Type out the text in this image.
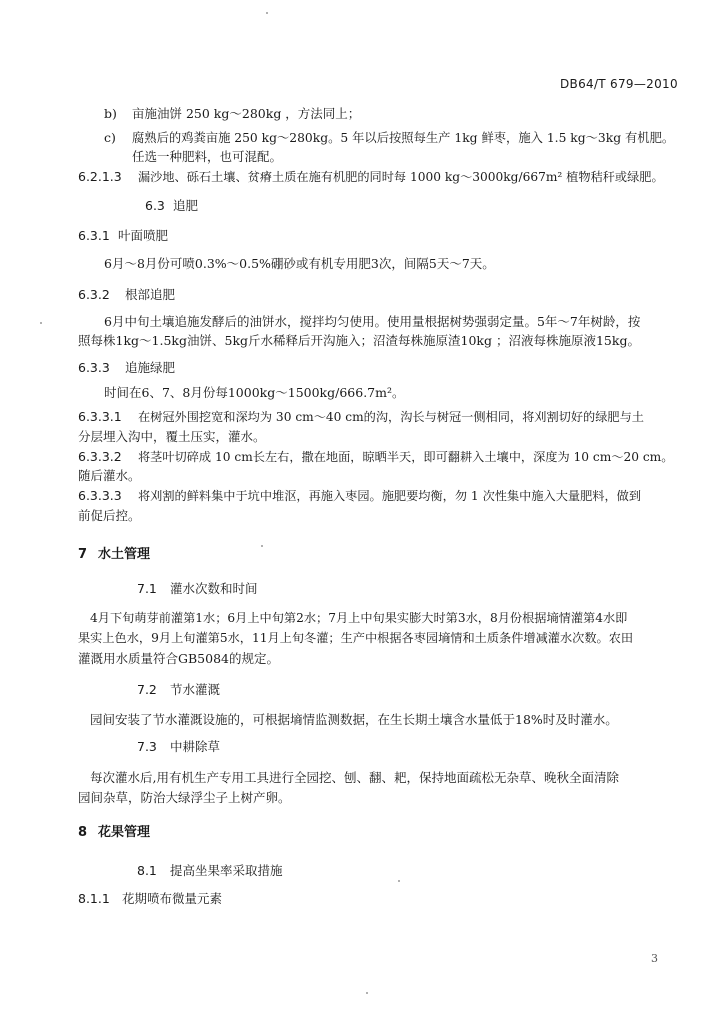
DB64/T 679—2010
b) 亩施油饼 250 kg～280kg ，方法同上；
c) 腐熟后的鸡粪亩施 250 kg～280kg。5 年以后按照每生产 1kg 鲜枣，施入 1.5 kg～3kg 有机肥。
任选一种肥料，也可混配。
6.2.1.3 漏沙地、砾石土壤、贫瘠土质在施有机肥的同时每 1000 kg～3000kg/667m² 植物秸秆或绿肥。
6.3 追肥
6.3.1 叶面喷肥
6月～8月份可喷0.3%～0.5%硼砂或有机专用肥3次，间隔5天～7天。
6.3.2 根部追肥
6月中旬土壤追施发酵后的油饼水，搅拌均匀使用。使用量根据树势强弱定量。5年～7年树龄，按
照每株1kg～1.5kg油饼、5kg斤水稀释后开沟施入；沼渣每株施原渣10kg ；沼液每株施原液15kg。
6.3.3 追施绿肥
时间在6、7、8月份每1000kg～1500kg/666.7m²。
6.3.3.1 在树冠外围挖宽和深均为 30 cm～40 cm的沟，沟长与树冠一侧相同，将刈割切好的绿肥与土
分层埋入沟中，覆土压实，灌水。
6.3.3.2 将茎叶切碎成 10 cm长左右，撒在地面，晾晒半天，即可翻耕入土壤中，深度为 10 cm～20 cm。
随后灌水。
6.3.3.3 将刈割的鲜料集中于坑中堆沤，再施入枣园。施肥要均衡，勿 1 次性集中施入大量肥料，做到
前促后控。
7 水土管理
7.1 灌水次数和时间
4月下旬萌芽前灌第1水；6月上中旬第2水；7月上中旬果实膨大时第3水，8月份根据墒情灌第4水即
果实上色水，9月上旬灌第5水，11月上旬冬灌；生产中根据各枣园墒情和土质条件增减灌水次数。农田
灌溉用水质量符合GB5084的规定。
7.2 节水灌溉
园间安装了节水灌溉设施的，可根据墒情监测数据，在生长期土壤含水量低于18%时及时灌水。
7.3 中耕除草
每次灌水后,用有机生产专用工具进行全园挖、刨、翻、耙，保持地面疏松无杂草、晚秋全面清除
园间杂草，防治大绿浮尘子上树产卵。
8 花果管理
8.1 提高坐果率采取措施
8.1.1 花期喷布微量元素
3
